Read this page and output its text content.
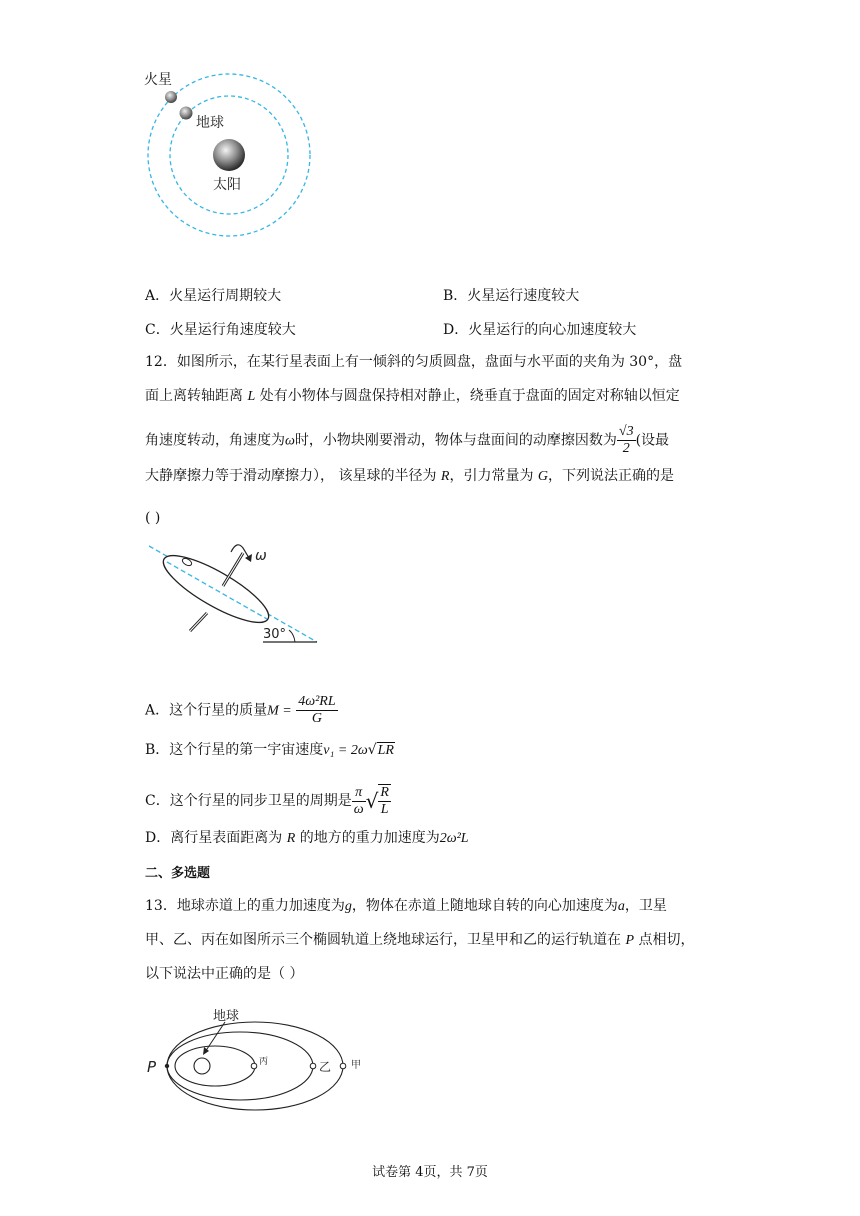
火星
地球
太阳
A．火星运行周期较大	B．火星运行速度较大
C．火星运行角速度较大	D．火星运行的向心加速度较大
12．如图所示，在某行星表面上有一倾斜的匀质圆盘，盘面与水平面的夹角为 30°，盘
面上离转轴距离 L 处有小物体与圆盘保持相对静止，绕垂直于盘面的固定对称轴以恒定
角速度转动，角速度为ω时，小物块刚要滑动，物体与盘面间的动摩擦因数为 $\frac{√3}{2}$ (设最
大静摩擦力等于滑动摩擦力）， 该星球的半径为 R，引力常量为 G，下列说法正确的是
( )
ω
30°
A．这个行星的质量$M = \frac{\text{4ω²RL}}{G}$
B．这个行星的第一宇宙速度v₁ = 2ω√LR
C．这个行星的同步卫星的周期是 $\frac{\pi}{\omega}$ √ $\frac{R}{L}$
D．离行星表面距离为 R 的地方的重力加速度为2ω²L
二、多选题
13．地球赤道上的重力加速度为g，物体在赤道上随地球自转的向心加速度为a，卫星
甲、乙、丙在如图所示三个椭圆轨道上绕地球运行，卫星甲和乙的运行轨道在 P 点相切，
以下说法中正确的是（ ）
地球
P	丙	乙 甲
试卷第 4页，共 7页
